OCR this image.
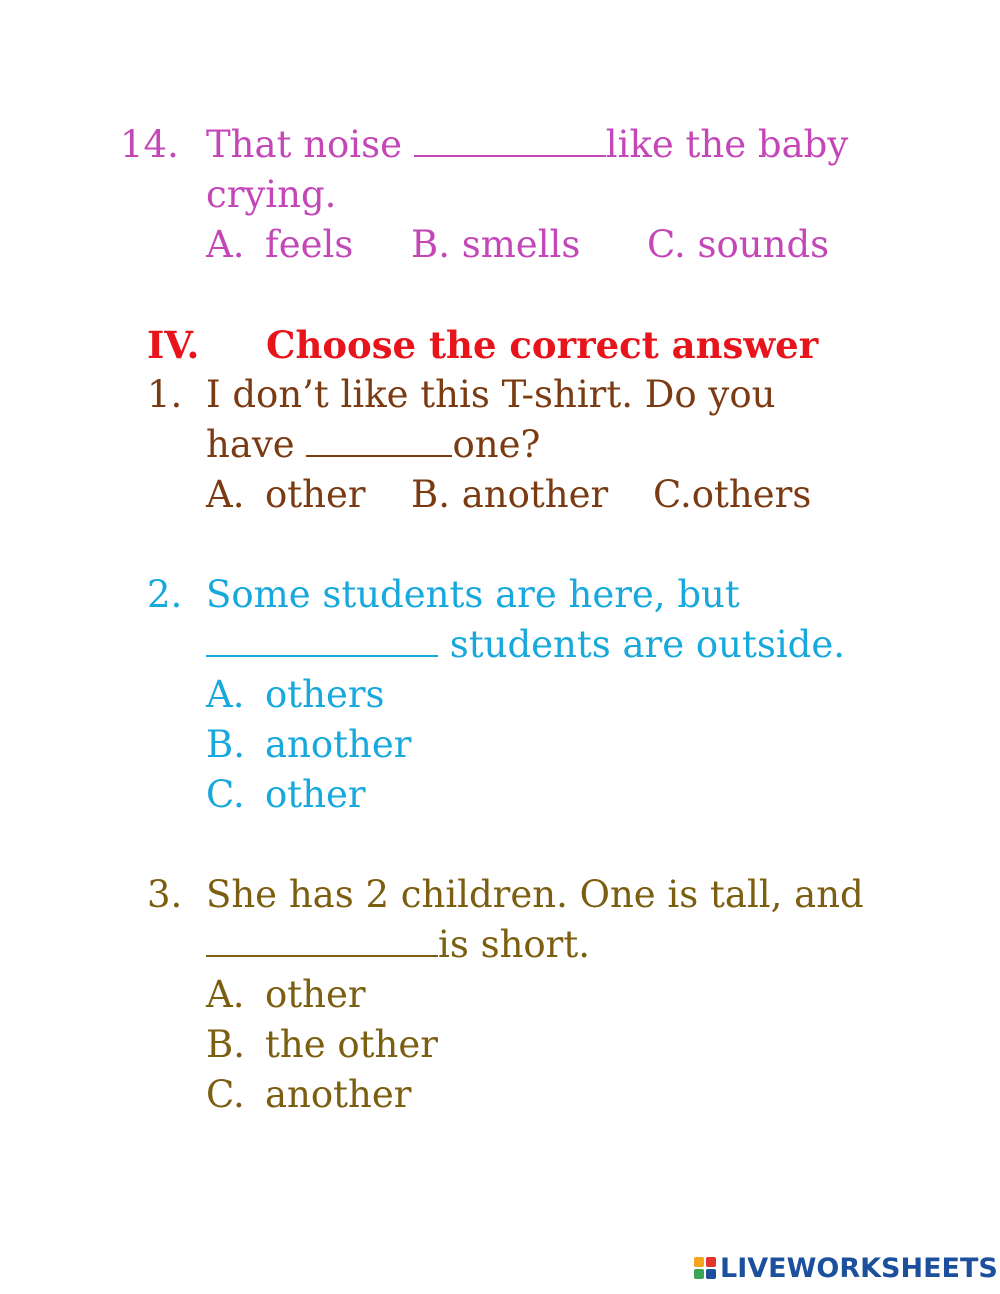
14. That noise	like the baby
crying.
A. feels B. smells C. sounds
IV. Choose the correct answer
1. I don’t like this T-shirt. Do you
have	one?
A. other B. another C.others
2. Some students are here, but
students are outside.
A. others
B. another
C. other
3. She has 2 children. One is tall, and
is short.
A. other
B. the other
C. another
LIVEWORKSHEETS
